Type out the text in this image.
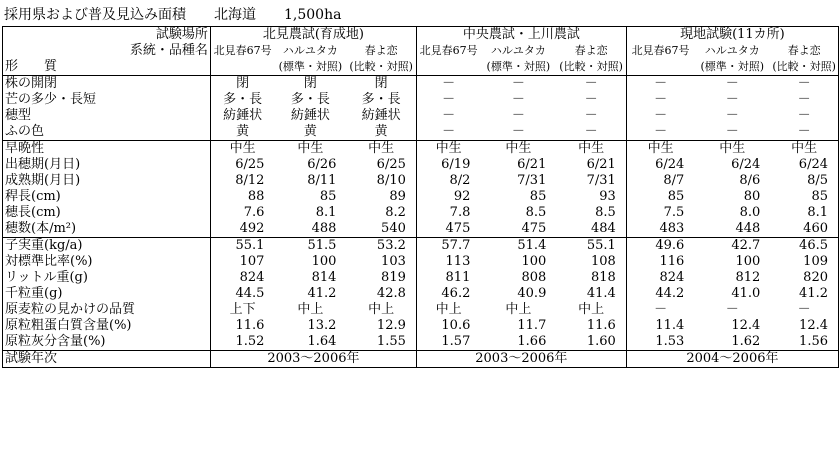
採用県および普及見込み面積　　北海道　　1,500ha
試験場所	北見農試(育成地)			中央農試・上川農試			現地試験(11カ所)		
系統・品種名	北見春67号	ハルユタカ	春よ恋	北見春67号	ハルユタカ	春よ恋	北見春67号	ハルユタカ	春よ恋
形　　質		(標準・対照)	(比較・対照)		(標準・対照)	(比較・対照)		(標準・対照)	(比較・対照)
株の開閉	閉	閉	閉	－	－	－	－	－	－
芒の多少・長短	多・長	多・長	多・長	－	－	－	－	－	－
穂型	紡錘状	紡錘状	紡錘状	－	－	－	－	－	－
ふの色	黄	黄	黄	－	－	－	－	－	－
早晩性	中生	中生	中生	中生	中生	中生	中生	中生	中生
出穂期(月日)	6/25	6/26	6/25	6/19	6/21	6/21	6/24	6/24	6/24
成熟期(月日)	8/12	8/11	8/10	8/2	7/31	7/31	8/7	8/6	8/5
稈長(cm)	88	85	89	92	85	93	85	80	85
穂長(cm)	7.6	8.1	8.2	7.8	8.5	8.5	7.5	8.0	8.1
穂数(本/m²)	492	488	540	475	475	484	483	448	460
子実重(kg/a)	55.1	51.5	53.2	57.7	51.4	55.1	49.6	42.7	46.5
対標準比率(%)	107	100	103	113	100	108	116	100	109
リットル重(g)	824	814	819	811	808	818	824	812	820
千粒重(g)	44.5	41.2	42.8	46.2	40.9	41.4	44.2	41.0	41.2
原麦粒の見かけの品質	上下	中上	中上	中上	中上	中上	－	－	－
原粒粗蛋白質含量(%)	11.6	13.2	12.9	10.6	11.7	11.6	11.4	12.4	12.4
原粒灰分含量(%)	1.52	1.64	1.55	1.57	1.66	1.60	1.53	1.62	1.56
試験年次	2003〜2006年			2003〜2006年			2004〜2006年		
